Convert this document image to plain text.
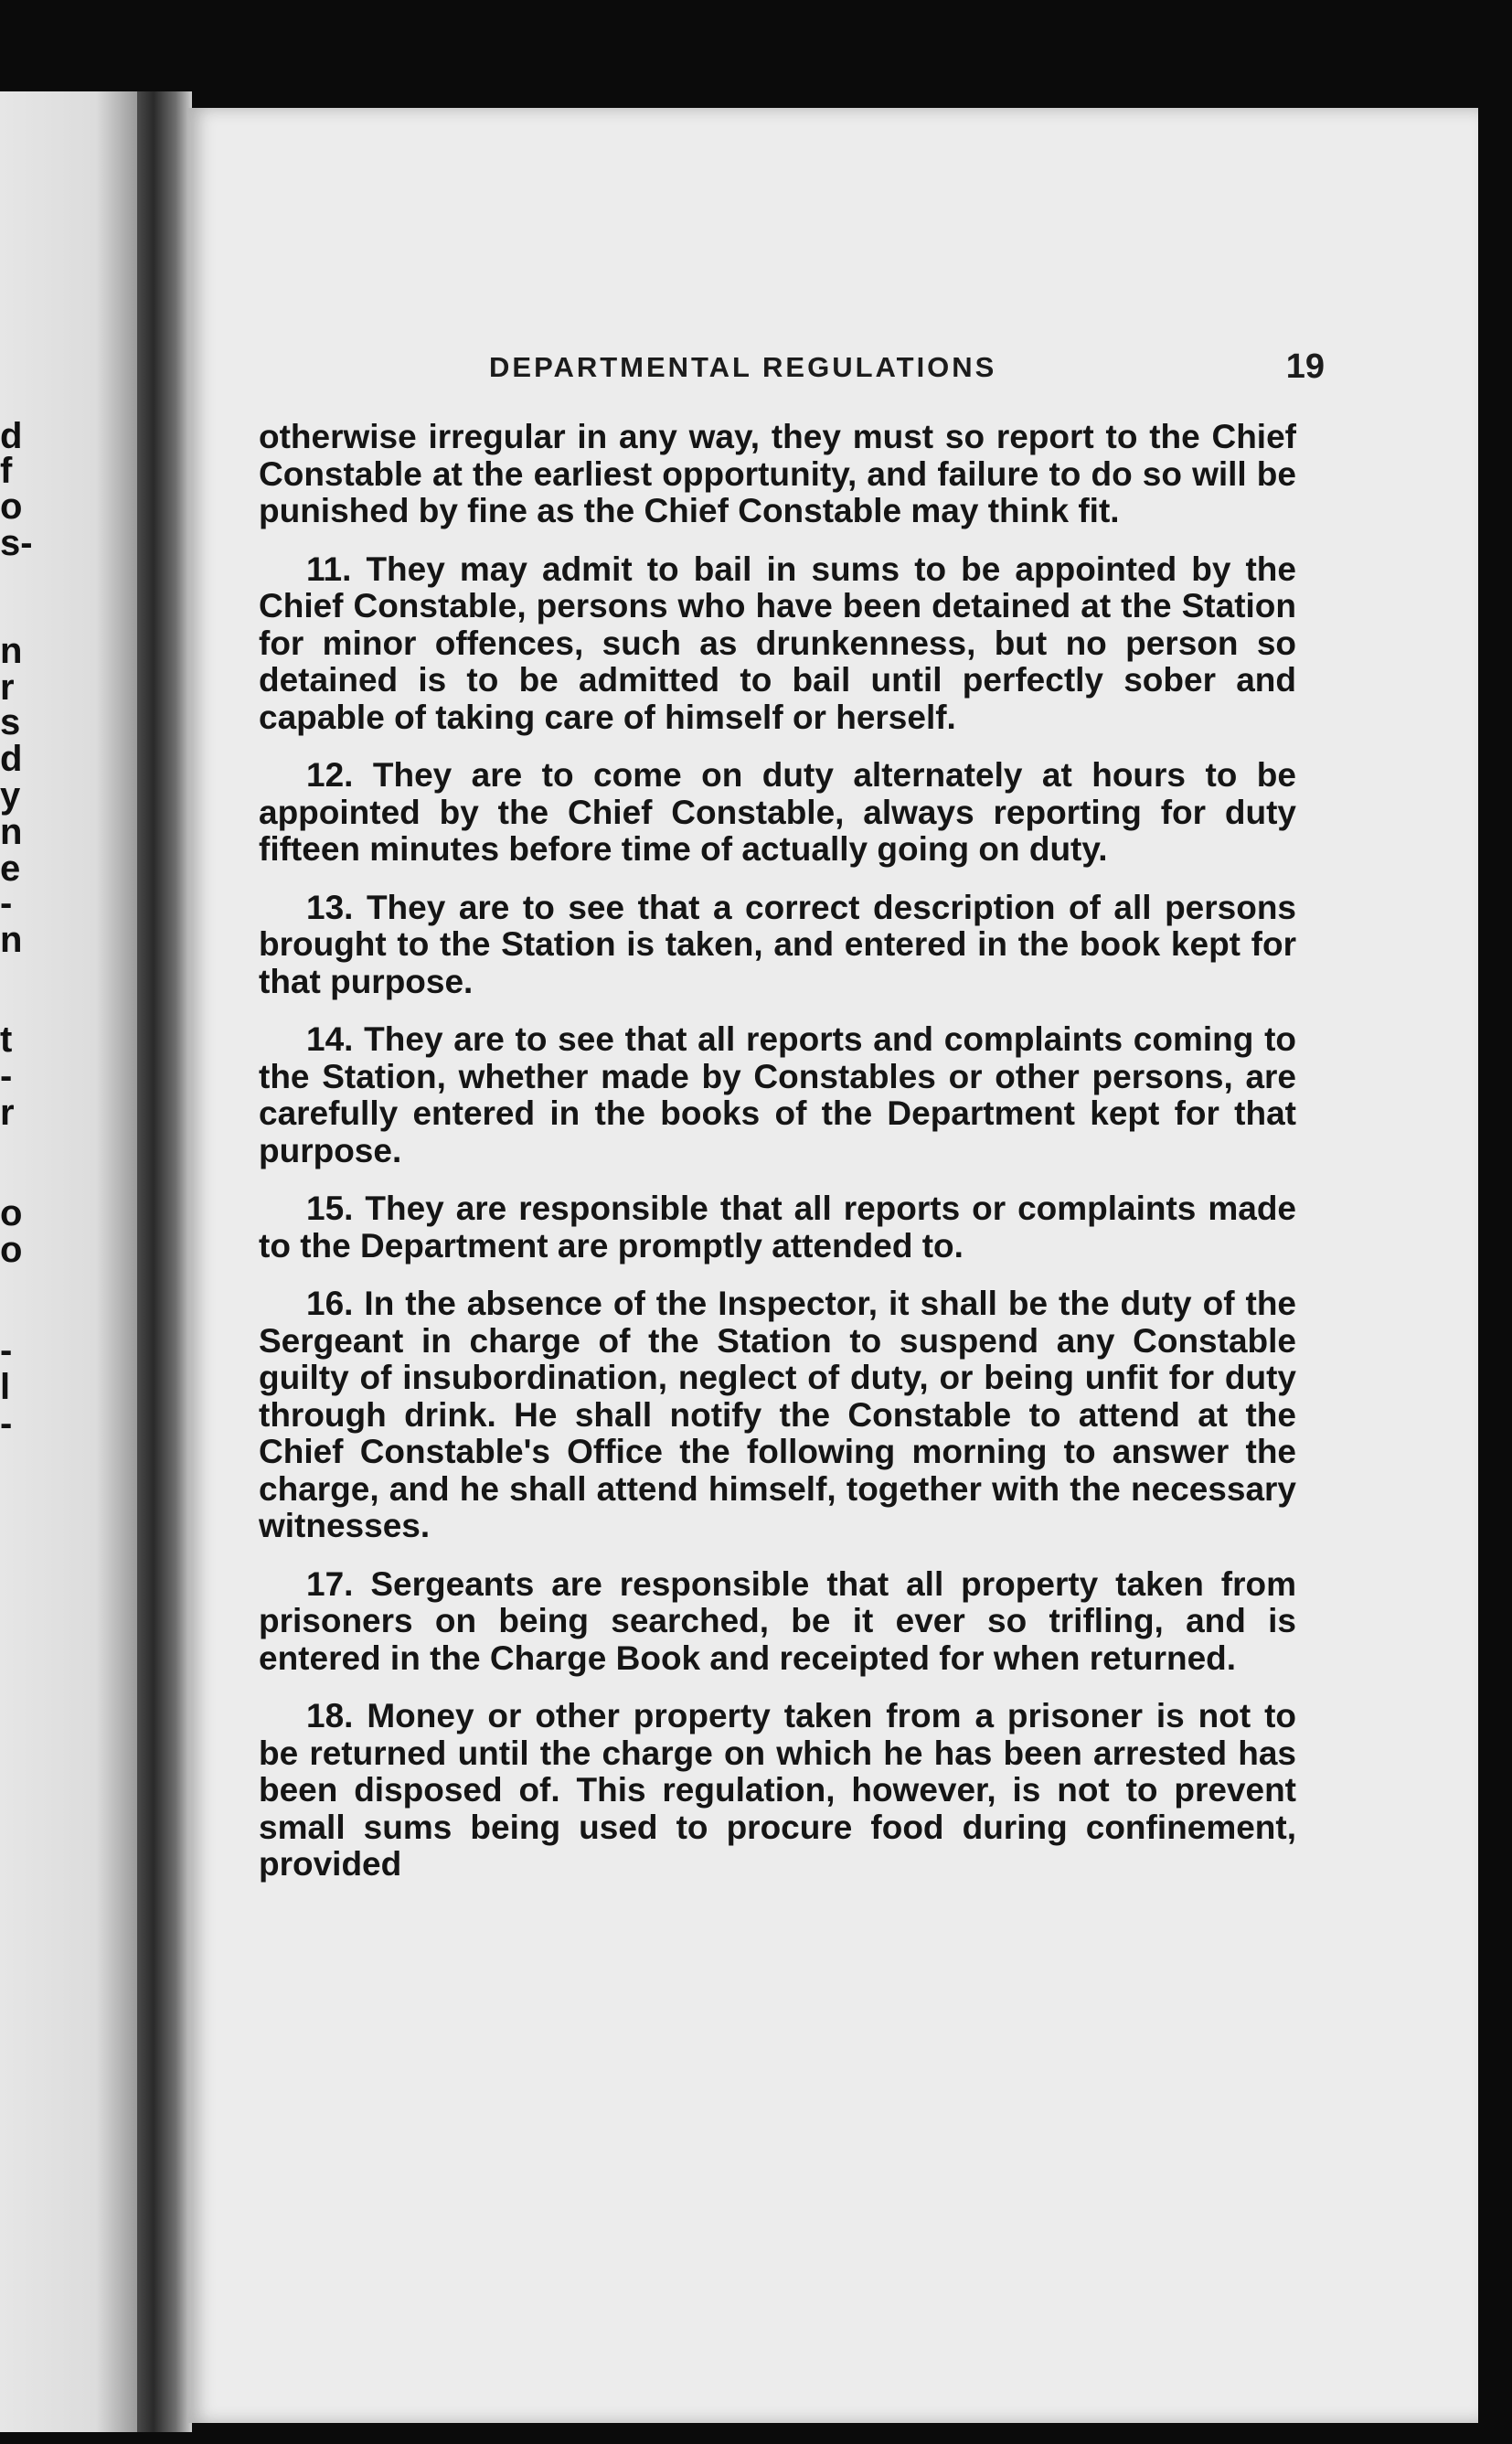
d
f
o
s-
n
r
s
d
y
n
e
-
n
t
-
r
o
o
-
l
-
DEPARTMENTAL REGULATIONS	19

otherwise irregular in any way, they must so report to the Chief Constable at the earliest opportunity, and failure to do so will be punished by fine as the Chief Constable may think fit.

11. They may admit to bail in sums to be appointed by the Chief Constable, persons who have been detained at the Station for minor offences, such as drunkenness, but no person so detained is to be admitted to bail until perfectly sober and capable of taking care of himself or herself.

12. They are to come on duty alternately at hours to be appointed by the Chief Constable, always reporting for duty fifteen minutes before time of actually going on duty.

13. They are to see that a correct description of all persons brought to the Station is taken, and entered in the book kept for that purpose.

14. They are to see that all reports and complaints coming to the Station, whether made by Constables or other persons, are carefully entered in the books of the Department kept for that purpose.

15. They are responsible that all reports or complaints made to the Department are promptly attended to.

16. In the absence of the Inspector, it shall be the duty of the Sergeant in charge of the Station to suspend any Constable guilty of insubordination, neglect of duty, or being unfit for duty through drink. He shall notify the Constable to attend at the Chief Constable's Office the following morning to answer the charge, and he shall attend himself, together with the necessary witnesses.

17. Sergeants are responsible that all property taken from prisoners on being searched, be it ever so trifling, and is entered in the Charge Book and receipted for when returned.

18. Money or other property taken from a prisoner is not to be returned until the charge on which he has been arrested has been disposed of. This regulation, however, is not to prevent small sums being used to procure food during confinement, provided
